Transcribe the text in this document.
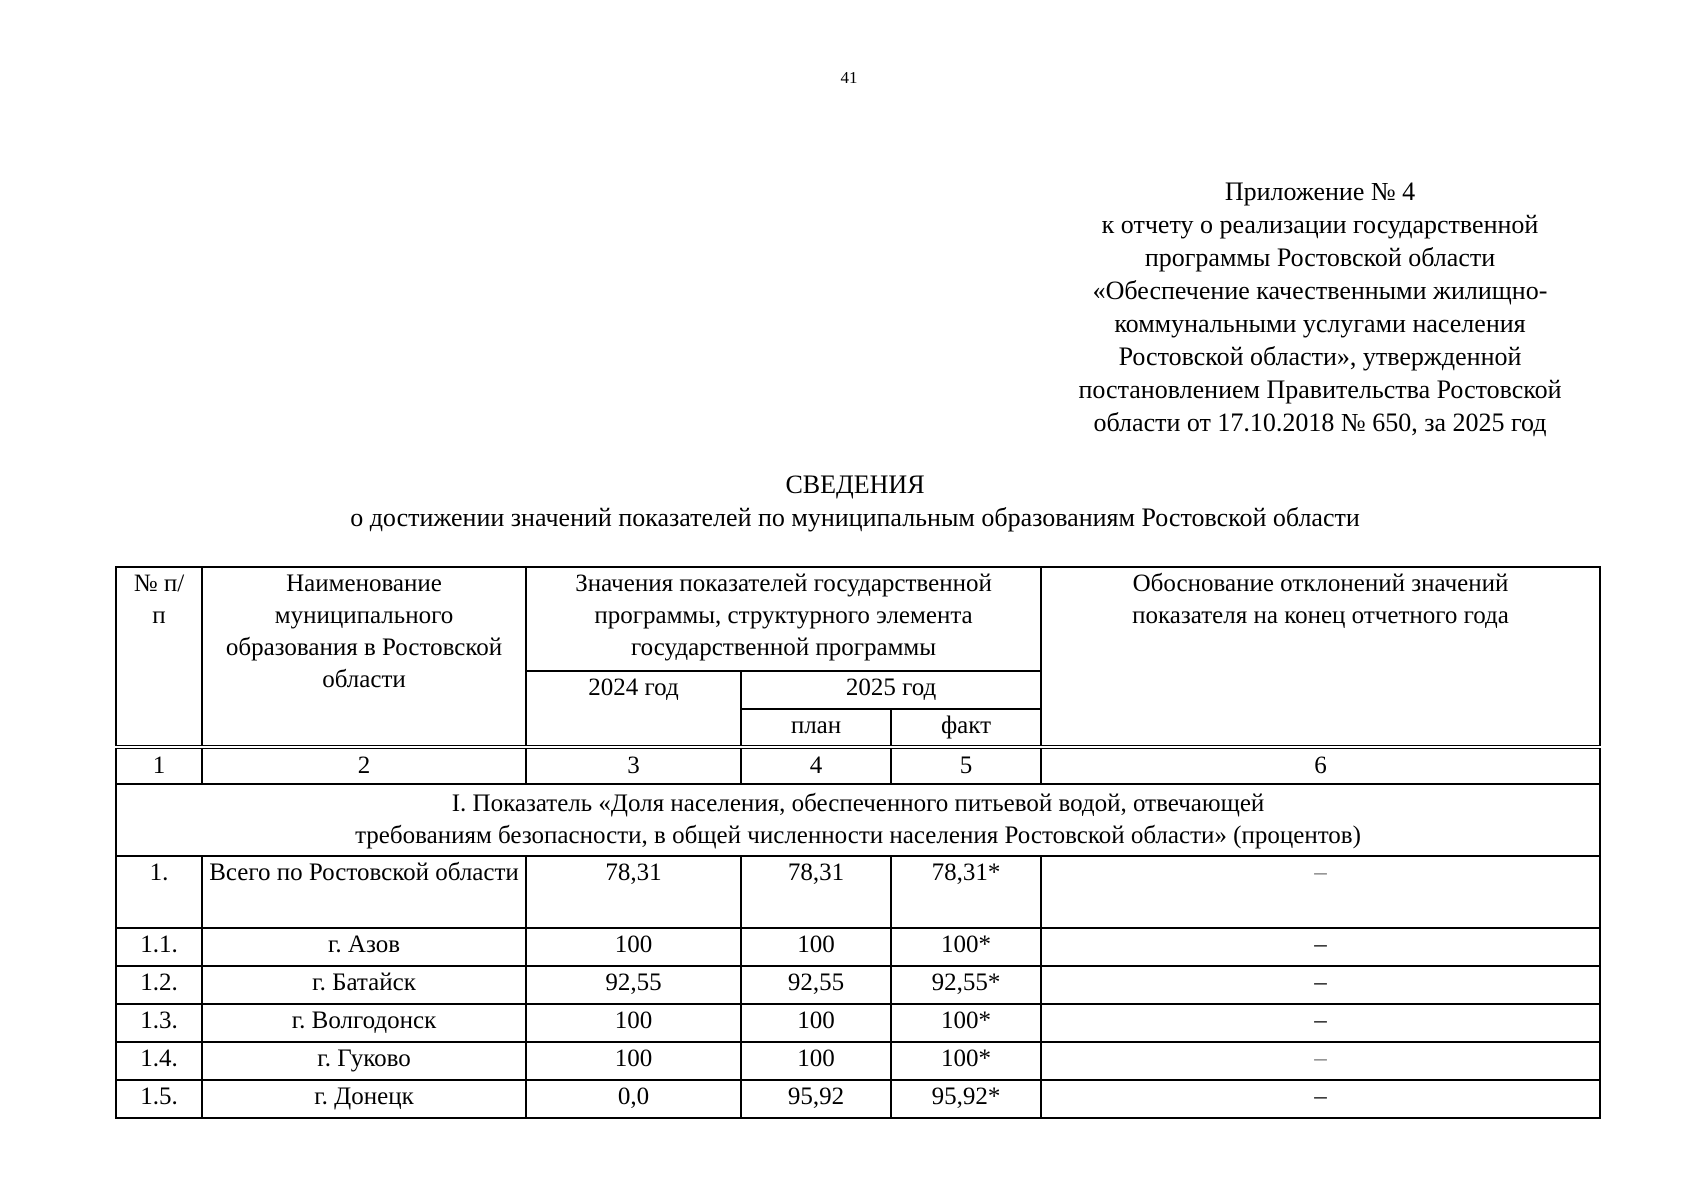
41
Приложение № 4
к отчету о реализации государственной
программы Ростовской области
«Обеспечение качественными жилищно-
коммунальными услугами населения
Ростовской области», утвержденной
постановлением Правительства Ростовской
области от 17.10.2018 № 650, за 2025 год
СВЕДЕНИЯ
о достижении значений показателей по муниципальным образованиям Ростовской области
№ п/п	Наименование муниципального образования в Ростовской области	Значения показателей государственной программы, структурного элемента государственной программы			Обоснование отклонений значений показателя на конец отчетного года

		2024 год	2025 год		
			план	факт	
1	2	3	4	5	6

I. Показатель «Доля населения, обеспеченного питьевой водой, отвечающей
требованиям безопасности, в общей численности населения Ростовской области» (процентов)					

1.	Всего по Ростовской области	78,31	78,31	78,31*	–
1.1.	г. Азов	100	100	100*	–
1.2.	г. Батайск	92,55	92,55	92,55*	–
1.3.	г. Волгодонск	100	100	100*	–
1.4.	г. Гуково	100	100	100*	–
1.5.	г. Донецк	0,0	95,92	95,92*	–
